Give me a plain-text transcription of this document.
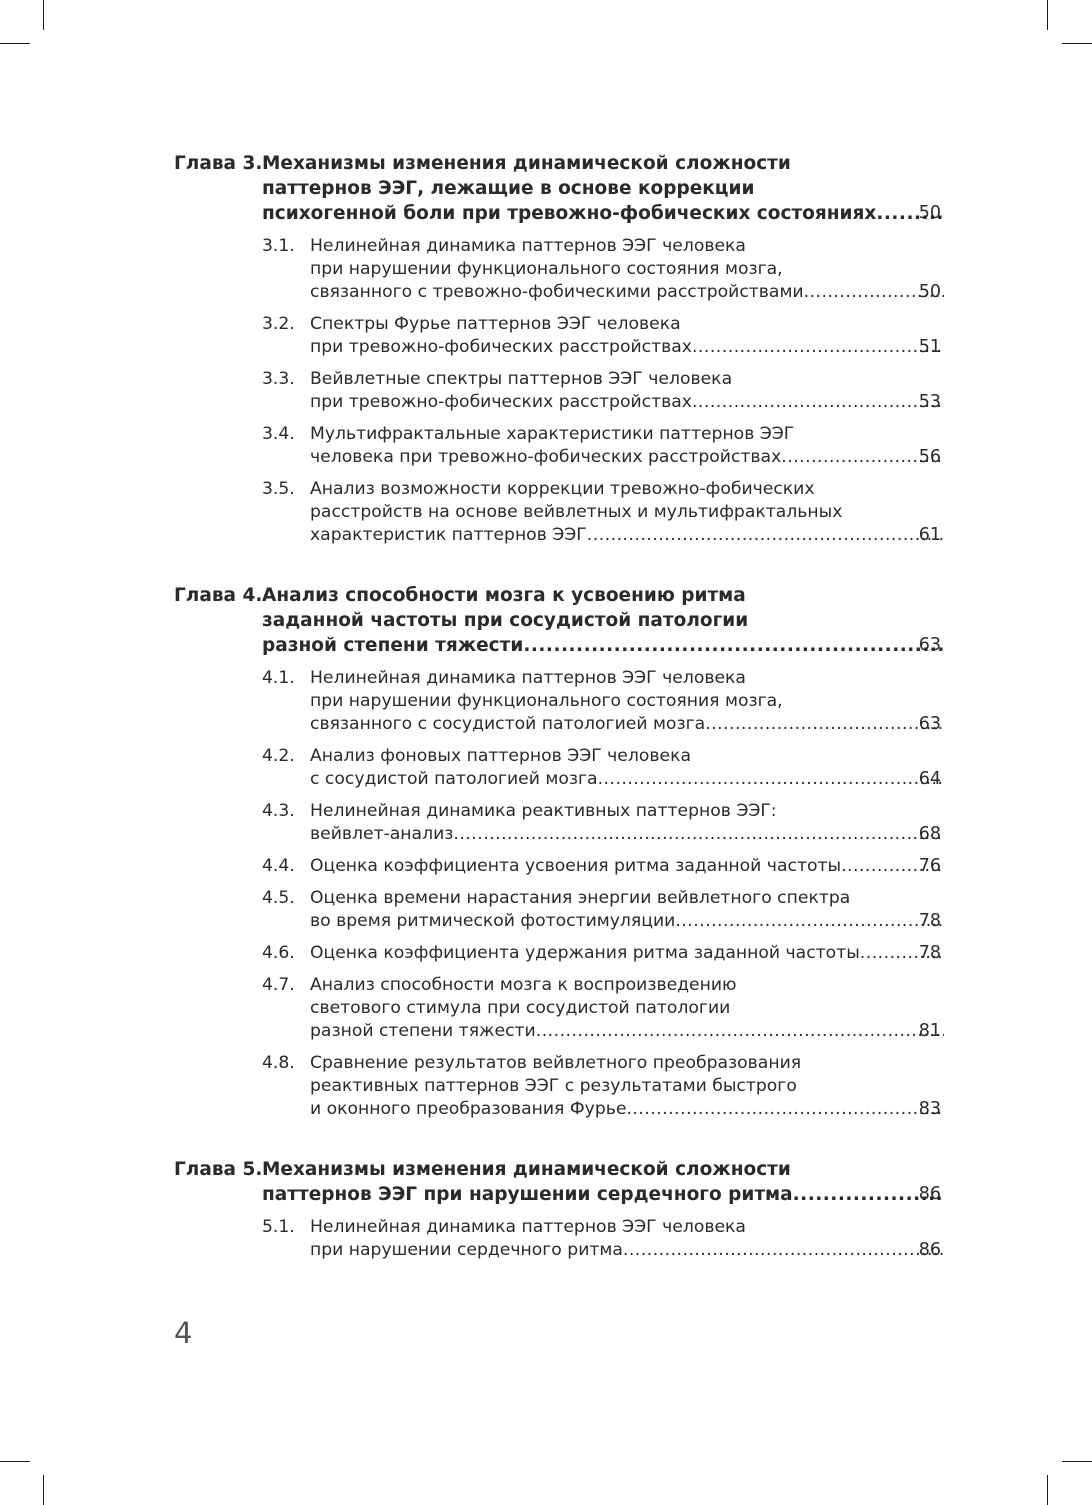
Глава 3. Механизмы изменения динамической сложности
паттернов ЭЭГ, лежащие в основе коррекции
психогенной боли при тревожно-фобических состояниях ..... 50
3.1. Нелинейная динамика паттернов ЭЭГ человека
при нарушении функционального состояния мозга,
связанного с тревожно-фобическими расстройствами .....	50
3.2. Спектры Фурье паттернов ЭЭГ человека
при тревожно-фобических расстройствах .....	51
3.3. Вейвлетные спектры паттернов ЭЭГ человека
при тревожно-фобических расстройствах .....	53
3.4. Мультифрактальные характеристики паттернов ЭЭГ
человека при тревожно-фобических расстройствах .....	56
3.5. Анализ возможности коррекции тревожно-фобических
расстройств на основе вейвлетных и мультифрактальных
характеристик паттернов ЭЭГ .....	61
Глава 4. Анализ способности мозга к усвоению ритма
заданной частоты при сосудистой патологии
разной степени тяжести .....	63
4.1. Нелинейная динамика паттернов ЭЭГ человека
при нарушении функционального состояния мозга,
связанного с сосудистой патологией мозга .....	63
4.2. Анализ фоновых паттернов ЭЭГ человека
с сосудистой патологией мозга .....	64
4.3. Нелинейная динамика реактивных паттернов ЭЭГ:
вейвлет-анализ .....	68
4.4. Оценка коэффициента усвоения ритма заданной частоты .....	76
4.5. Оценка времени нарастания энергии вейвлетного спектра
во время ритмической фотостимуляции .....	78
4.6. Оценка коэффициента удержания ритма заданной частоты .....	78
4.7. Анализ способности мозга к воспроизведению
светового стимула при сосудистой патологии
разной степени тяжести .....	81
4.8. Сравнение результатов вейвлетного преобразования
реактивных паттернов ЭЭГ с результатами быстрого
и оконного преобразования Фурье .....	83
Глава 5. Механизмы изменения динамической сложности
паттернов ЭЭГ при нарушении сердечного ритма .....	86
5.1. Нелинейная динамика паттернов ЭЭГ человека
при нарушении сердечного ритма .....	86
4
